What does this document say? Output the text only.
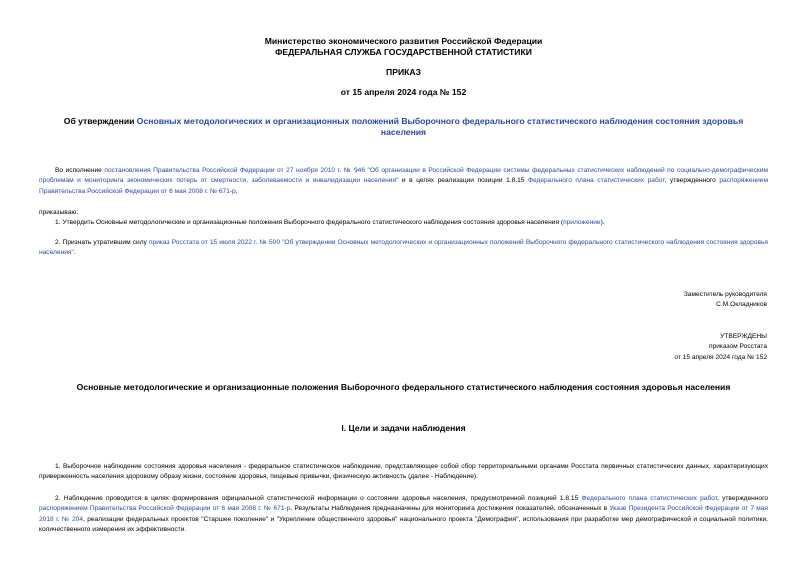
Министерство экономического развития Российской Федерации
ФЕДЕРАЛЬНАЯ СЛУЖБА ГОСУДАРСТВЕННОЙ СТАТИСТИКИ
ПРИКАЗ
от 15 апреля 2024 года № 152
Об утверждении Основных методологических и организационных положений Выборочного федерального статистического наблюдения состояния здоровья населения

Во исполнение постановления Правительства Российской Федерации от 27 ноября 2010 г. № 946 "Об организации в Российской Федерации системы федеральных статистических наблюдений по социально-демографическим проблемам и мониторинга экономических потерь от смертности, заболеваемости и инвалидизации населения" и в целях реализации позиции 1.8.15 Федерального плана статистических работ, утвержденного распоряжением Правительства Российской Федерации от 6 мая 2008 г. № 671-р,

приказываю:

1. Утвердить Основные методологические и организационные положения Выборочного федерального статистического наблюдения состояния здоровья населения (приложение).

2. Признать утратившим силу приказ Росстата от 15 июля 2022 г. № 500 "Об утверждении Основных методологических и организационных положений Выборочного федерального статистического наблюдения состояния здоровья населения".

Заместитель руководителя
С.М.Окладников
УТВЕРЖДЕНЫ
приказом Росстата
от 15 апреля 2024 года № 152
Основные методологические и организационные положения Выборочного федерального статистического наблюдения состояния здоровья населения
I. Цели и задачи наблюдения

1. Выборочное наблюдение состояния здоровья населения - федеральное статистическое наблюдение, представляющее собой сбор территориальными органами Росстата первичных статистических данных, характеризующих приверженность населения здоровому образу жизни, состояние здоровья, пищевые привычки, физическую активность (далее - Наблюдение).

2. Наблюдение проводится в целях формирования официальной статистической информации о состоянии здоровья населения, предусмотренной позицией 1.8.15 Федерального плана статистических работ, утвержденного распоряжением Правительства Российской Федерации от 6 мая 2008 г. № 671-р. Результаты Наблюдения предназначены для мониторинга достижения показателей, обозначенных в Указе Президента Российской Федерации от 7 мая 2018 г. № 204, реализации федеральных проектов "Старшее поколение" и "Укрепление общественного здоровья" национального проекта "Демография", использования при разработке мер демографической и социальной политики, количественного измерения их эффективности.
